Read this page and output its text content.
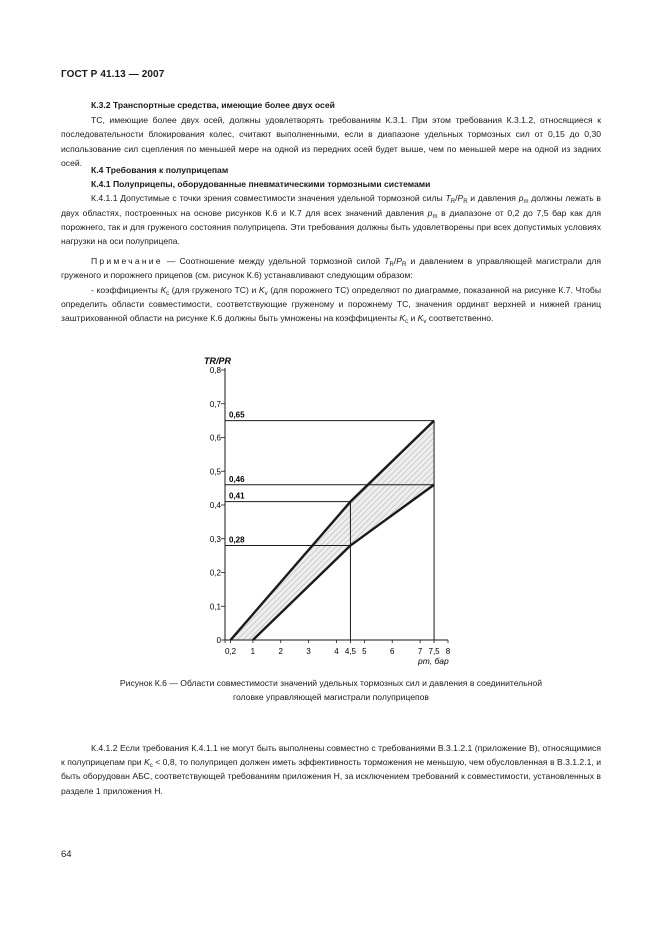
ГОСТ Р 41.13 — 2007

К.3.2 Транспортные средства, имеющие более двух осей

ТС, имеющие более двух осей, должны удовлетворять требованиям К.3.1. При этом требования К.3.1.2, относящиеся к последовательности блокирования колес, считают выполненными, если в диапазоне удельных тормозных сил от 0,15 до 0,30 использование сил сцепления по меньшей мере на одной из передних осей будет выше, чем по меньшей мере на одной из задних осей.

К.4 Требования к полуприцепам

К.4.1 Полуприцепы, оборудованные пневматическими тормозными системами

К.4.1.1 Допустимые с точки зрения совместимости значения удельной тормозной силы $T_R/P_R$ и давления $p_m$ должны лежать в двух областях, построенных на основе рисунков К.6 и К.7 для всех значений давления $p_m$ в диапазоне от 0,2 до 7,5 бар как для порожнего, так и для груженого состояния полуприцепа. Эти требования должны быть удовлетворены при всех допустимых условиях нагрузки на оси полуприцепа.

Примечание — Соотношение между удельной тормозной силой $T_R/P_R$ и давлением в управляющей магистрали для груженого и порожнего прицепов (см. рисунок К.6) устанавливают следующим образом:

- коэффициенты $K_c$ (для груженого ТС) и $K_v$ (для порожнего ТС) определяют по диаграмме, показанной на рисунке К.7. Чтобы определить области совместимости, соответствующие груженому и порожнему ТС, значения ординат верхней и нижней границ заштрихованной области на рисунке К.6 должны быть умножены на коэффициенты $K_c$ и $K_v$ соответственно.

0
0,1
0,2
0,3
0,4
0,5
0,6
0,7
0,8
0,2 1	2	3	4 4,5 5	6	7 7,5 8
0,65
0,46
0,41
0,28
TR/PR
pm, бар
Рисунок К.6 — Области совместимости значений удельных тормозных сил и давления в соединительной
головке управляющей магистрали полуприцепов

К.4.1.2 Если требования К.4.1.1 не могут быть выполнены совместно с требованиями В.3.1.2.1 (приложение В), относящимися к полуприцепам при $K_c < 0,8$, то полуприцеп должен иметь эффективность торможения не меньшую, чем обусловленная в В.3.1.2.1, и быть оборудован АБС, соответствующей требованиям приложения Н, за исключением требований к совместимости, установленных в разделе 1 приложения Н.

64
